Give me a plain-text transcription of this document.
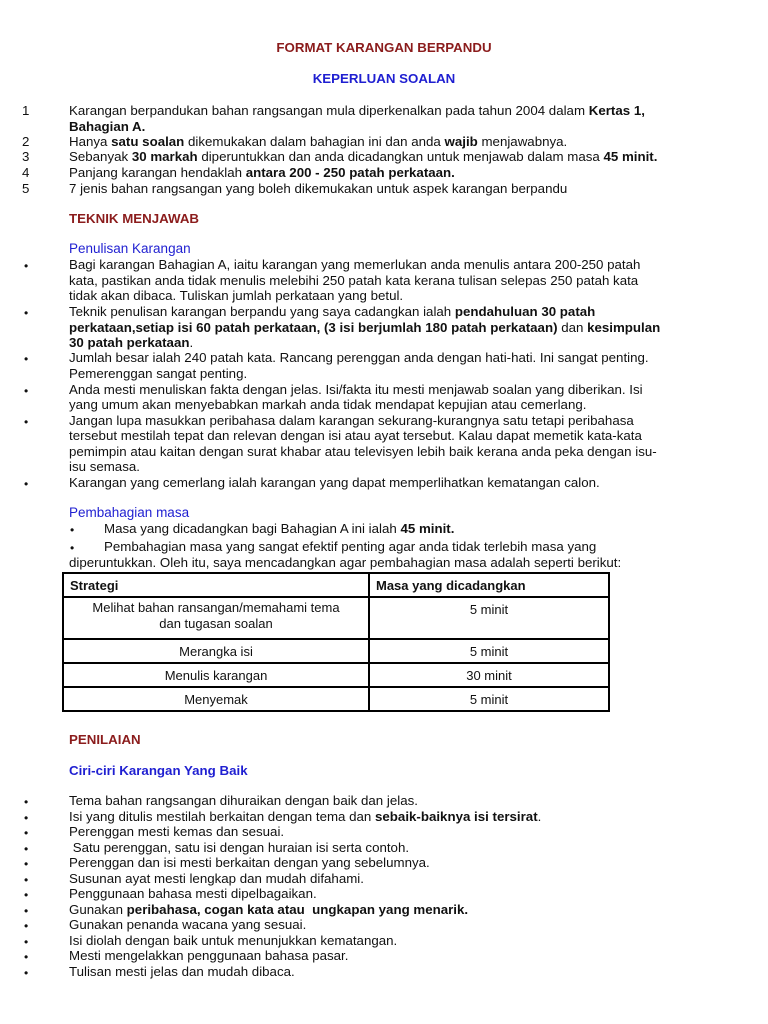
FORMAT KARANGAN BERPANDU
KEPERLUAN SOALAN
1	Karangan berpandukan bahan rangsangan mula diperkenalkan pada tahun 2004 dalam Kertas 1,
Bahagian A.
2	Hanya satu soalan dikemukakan dalam bahagian ini dan anda wajib menjawabnya.
3	Sebanyak 30 markah diperuntukkan dan anda dicadangkan untuk menjawab dalam masa 45 minit.
4	Panjang karangan hendaklah antara 200 - 250 patah perkataan.
5	7 jenis bahan rangsangan yang boleh dikemukakan untuk aspek karangan berpandu
TEKNIK MENJAWAB
Penulisan Karangan
•	Bagi karangan Bahagian A, iaitu karangan yang memerlukan anda menulis antara 200-250 patah
kata, pastikan anda tidak menulis melebihi 250 patah kata kerana tulisan selepas 250 patah kata
tidak akan dibaca. Tuliskan jumlah perkataan yang betul.
•	Teknik penulisan karangan berpandu yang saya cadangkan ialah pendahuluan 30 patah
perkataan,setiap isi 60 patah perkataan, (3 isi berjumlah 180 patah perkataan) dan kesimpulan
30 patah perkataan.
•	Jumlah besar ialah 240 patah kata. Rancang perenggan anda dengan hati-hati. Ini sangat penting.
Pemerenggan sangat penting.
•	Anda mesti menuliskan fakta dengan jelas. Isi/fakta itu mesti menjawab soalan yang diberikan. Isi
yang umum akan menyebabkan markah anda tidak mendapat kepujian atau cemerlang.
•	Jangan lupa masukkan peribahasa dalam karangan sekurang-kurangnya satu tetapi peribahasa
tersebut mestilah tepat dan relevan dengan isi atau ayat tersebut. Kalau dapat memetik kata-kata
pemimpin atau kaitan dengan surat khabar atau televisyen lebih baik kerana anda peka dengan isu-
isu semasa.
•	Karangan yang cemerlang ialah karangan yang dapat memperlihatkan kematangan calon.
Pembahagian masa
• Masa yang dicadangkan bagi Bahagian A ini ialah 45 minit.
• Pembahagian masa yang sangat efektif penting agar anda tidak terlebih masa yang
diperuntukkan. Oleh itu, saya mencadangkan agar pembahagian masa adalah seperti berikut:
Strategi	Masa yang dicadangkan
Melihat bahan ransangan/memahami tema
dan tugasan soalan	5 minit
Merangka isi	5 minit
Menulis karangan	30 minit
Menyemak	5 minit
PENILAIAN
Ciri-ciri Karangan Yang Baik
•	Tema bahan rangsangan dihuraikan dengan baik dan jelas.
•	Isi yang ditulis mestilah berkaitan dengan tema dan sebaik-baiknya isi tersirat.
•	Perenggan mesti kemas dan sesuai.
•	Satu perenggan, satu isi dengan huraian isi serta contoh.
•	Perenggan dan isi mesti berkaitan dengan yang sebelumnya.
•	Susunan ayat mesti lengkap dan mudah difahami.
•	Penggunaan bahasa mesti dipelbagaikan.
•	Gunakan peribahasa, cogan kata atau  ungkapan yang menarik.
•	Gunakan penanda wacana yang sesuai.
•	Isi diolah dengan baik untuk menunjukkan kematangan.
•	Mesti mengelakkan penggunaan bahasa pasar.
•	Tulisan mesti jelas dan mudah dibaca.
